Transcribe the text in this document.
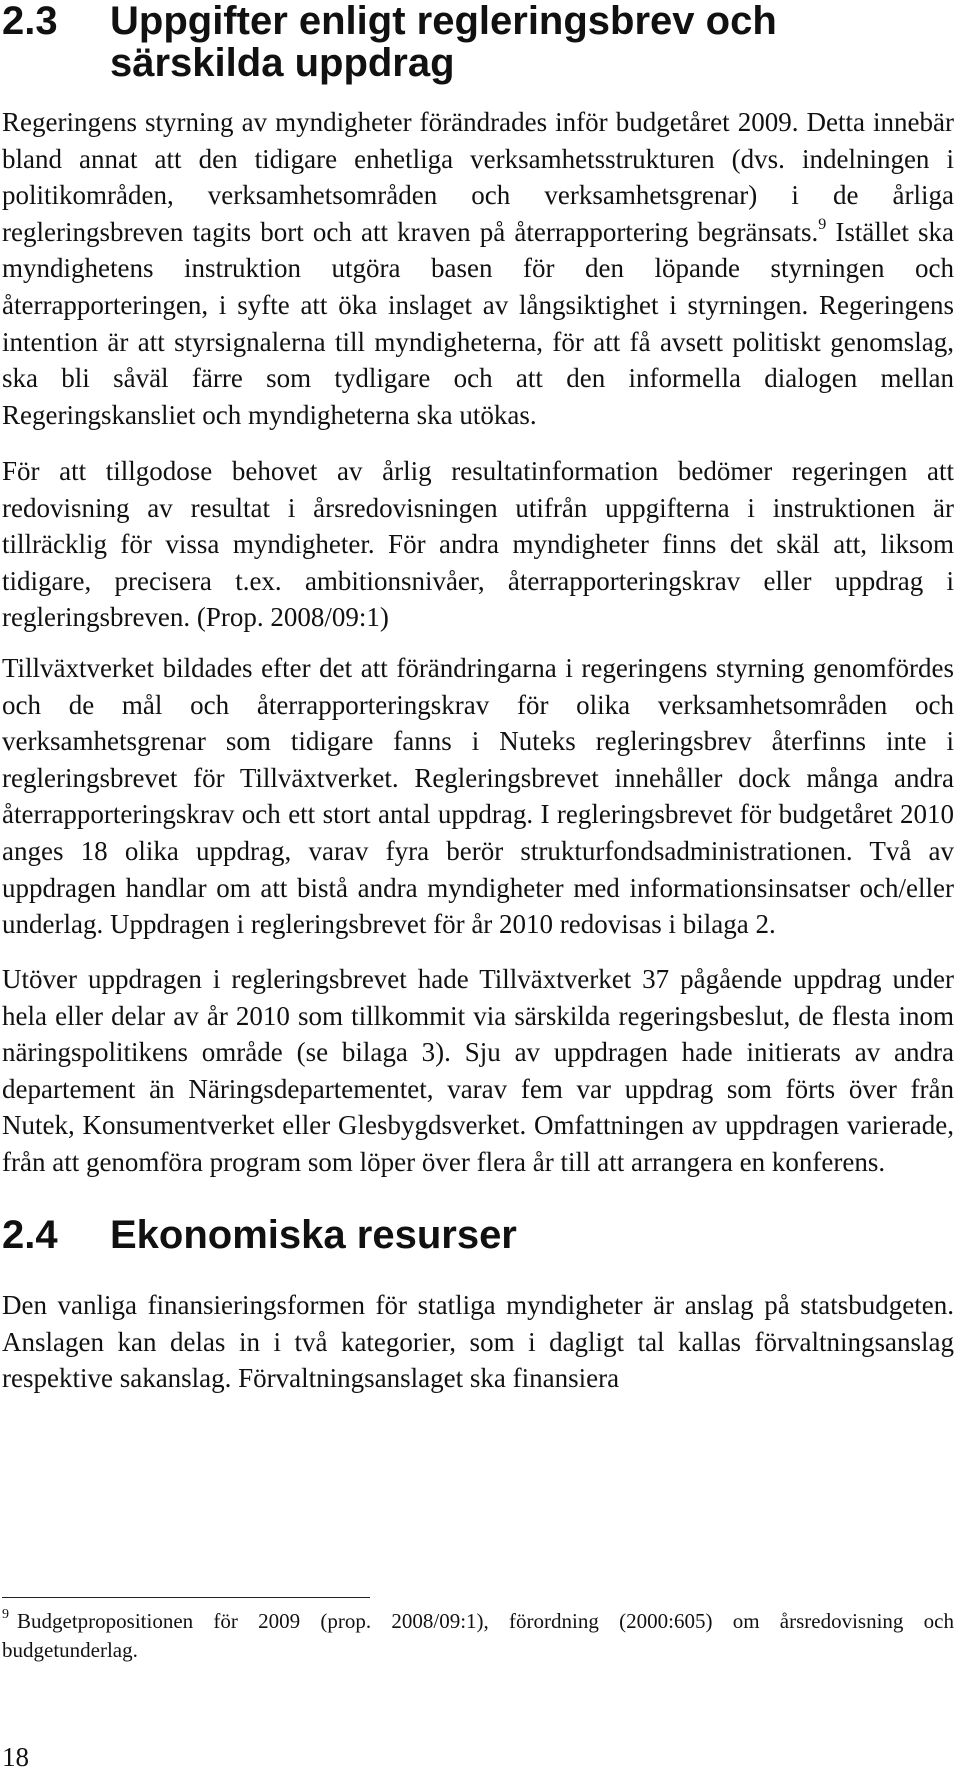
2.3 Uppgifter enligt regleringsbrev och särskilda uppdrag

Regeringens styrning av myndigheter förändrades inför budgetåret 2009. Detta innebär bland annat att den tidigare enhetliga verksamhetsstrukturen (dvs. indelningen i politikområden, verksamhetsområden och verksamhetsgrenar) i de årliga regleringsbreven tagits bort och att kraven på återrapportering begränsats.$^9$ Istället ska myndighetens instruktion utgöra basen för den löpande styrningen och återrapporteringen, i syfte att öka inslaget av långsiktighet i styrningen. Regeringens intention är att styrsignalerna till myndigheterna, för att få avsett politiskt genomslag, ska bli såväl färre som tydligare och att den informella dialogen mellan Regeringskansliet och myndigheterna ska utökas.

För att tillgodose behovet av årlig resultatinformation bedömer regeringen att redovisning av resultat i årsredovisningen utifrån uppgifterna i instruktionen är tillräcklig för vissa myndigheter. För andra myndigheter finns det skäl att, liksom tidigare, precisera t.ex. ambitionsnivåer, återrapporteringskrav eller uppdrag i regleringsbreven. (Prop. 2008/09:1)

Tillväxtverket bildades efter det att förändringarna i regeringens styrning genomfördes och de mål och återrapporteringskrav för olika verksamhetsområden och verksamhetsgrenar som tidigare fanns i Nuteks regleringsbrev återfinns inte i regleringsbrevet för Tillväxtverket. Regleringsbrevet innehåller dock många andra återrapporteringskrav och ett stort antal uppdrag. I regleringsbrevet för budgetåret 2010 anges 18 olika uppdrag, varav fyra berör strukturfondsadministrationen. Två av uppdragen handlar om att bistå andra myndigheter med informationsinsatser och/eller underlag. Uppdragen i regleringsbrevet för år 2010 redovisas i bilaga 2.

Utöver uppdragen i regleringsbrevet hade Tillväxtverket 37 pågående uppdrag under hela eller delar av år 2010 som tillkommit via särskilda regeringsbeslut, de flesta inom näringspolitikens område (se bilaga 3). Sju av uppdragen hade initierats av andra departement än Näringsdepartementet, varav fem var uppdrag som förts över från Nutek, Konsumentverket eller Glesbygdsverket. Omfattningen av uppdragen varierade, från att genomföra program som löper över flera år till att arrangera en konferens.

2.4 Ekonomiska resurser

Den vanliga finansieringsformen för statliga myndigheter är anslag på statsbudgeten. Anslagen kan delas in i två kategorier, som i dagligt tal kallas förvaltningsanslag respektive sakanslag. Förvaltningsanslaget ska finansiera

$^9$ Budgetpropositionen för 2009 (prop. 2008/09:1), förordning (2000:605) om årsredovisning och budgetunderlag.

18
